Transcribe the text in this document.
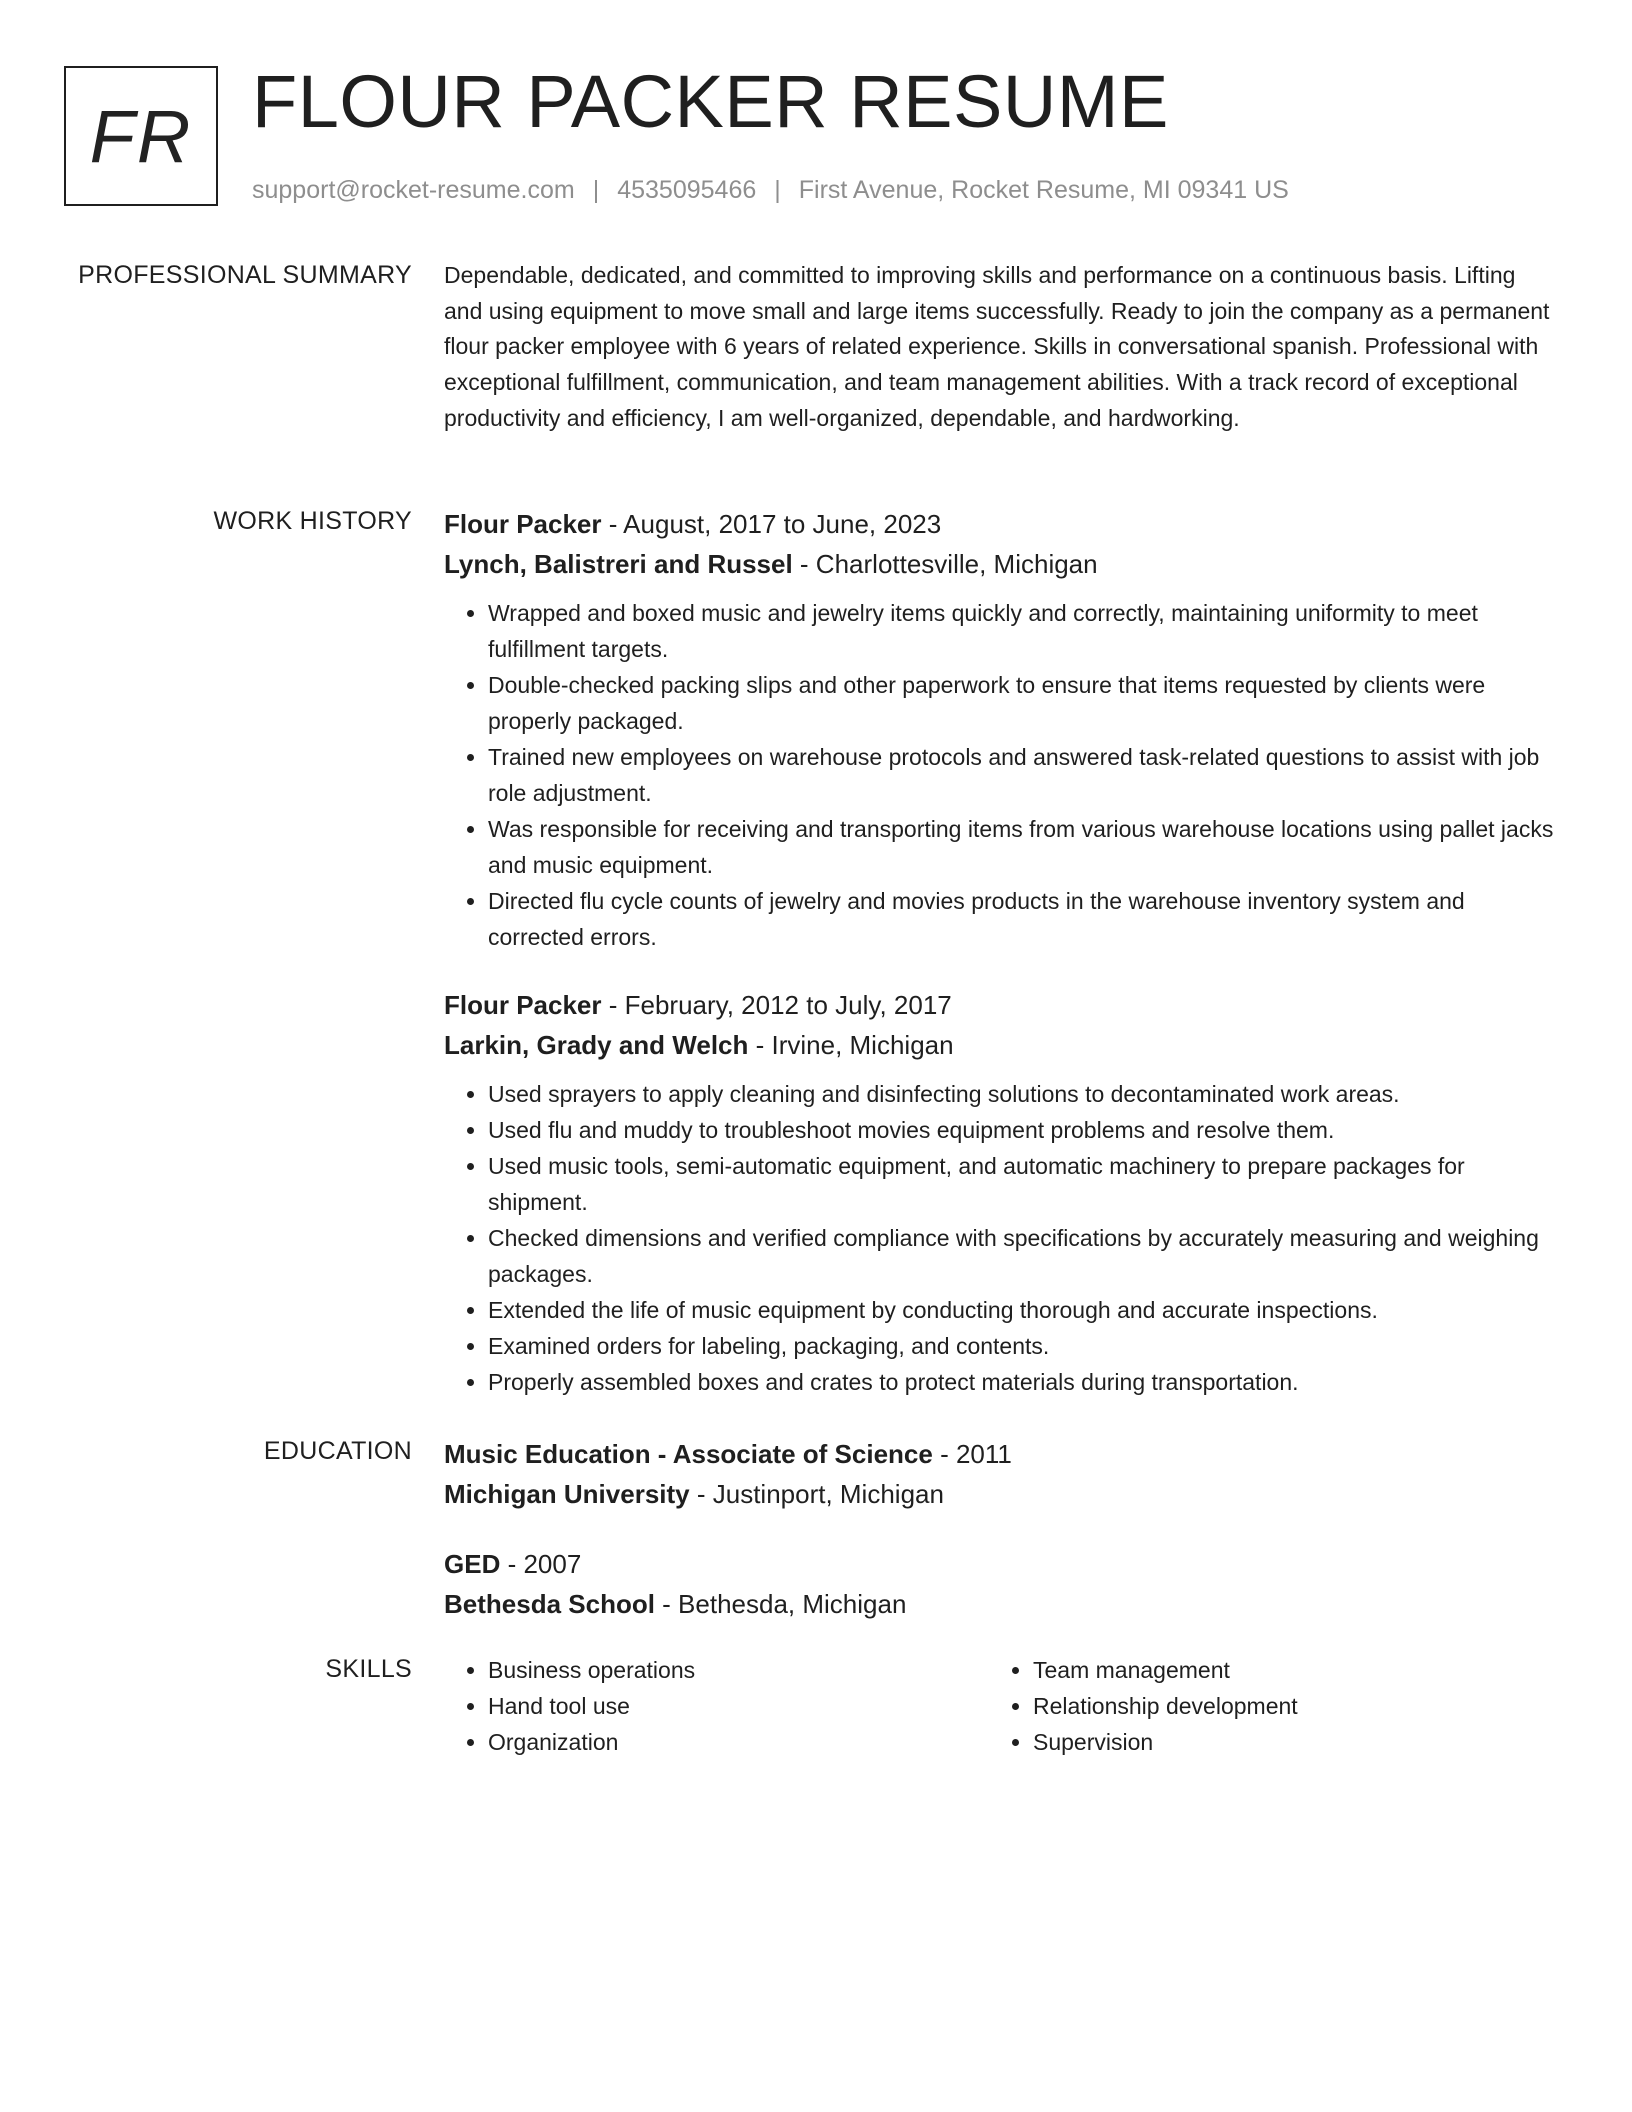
FR FLOUR PACKER RESUME
support@rocket-resume.com | 4535095466 | First Avenue, Rocket Resume, MI 09341 US
PROFESSIONAL SUMMARY Dependable, dedicated, and committed to improving skills and performance on a continuous basis. Lifting and using equipment to move small and large items successfully. Ready to join the company as a permanent flour packer employee with 6 years of related experience. Skills in conversational spanish. Professional with exceptional fulfillment, communication, and team management abilities. With a track record of exceptional productivity and efficiency, I am well-organized, dependable, and hardworking.

WORK HISTORY Flour Packer - August, 2017 to June, 2023
Lynch, Balistreri and Russel - Charlottesville, Michigan
• Wrapped and boxed music and jewelry items quickly and correctly, maintaining uniformity to meet fulfillment targets.
• Double-checked packing slips and other paperwork to ensure that items requested by clients were properly packaged.
• Trained new employees on warehouse protocols and answered task-related questions to assist with job role adjustment.
• Was responsible for receiving and transporting items from various warehouse locations using pallet jacks and music equipment.
• Directed flu cycle counts of jewelry and movies products in the warehouse inventory system and corrected errors.
Flour Packer - February, 2012 to July, 2017
Larkin, Grady and Welch - Irvine, Michigan
• Used sprayers to apply cleaning and disinfecting solutions to decontaminated work areas.
• Used flu and muddy to troubleshoot movies equipment problems and resolve them.
• Used music tools, semi-automatic equipment, and automatic machinery to prepare packages for shipment.
• Checked dimensions and verified compliance with specifications by accurately measuring and weighing packages.
• Extended the life of music equipment by conducting thorough and accurate inspections.
• Examined orders for labeling, packaging, and contents.
• Properly assembled boxes and crates to protect materials during transportation.
EDUCATION Music Education - Associate of Science - 2011
Michigan University - Justinport, Michigan
GED - 2007
Bethesda School - Bethesda, Michigan
SKILLS
•	Business operations
• Hand tool use
• Organization
• Team management
• Relationship development
• Supervision
